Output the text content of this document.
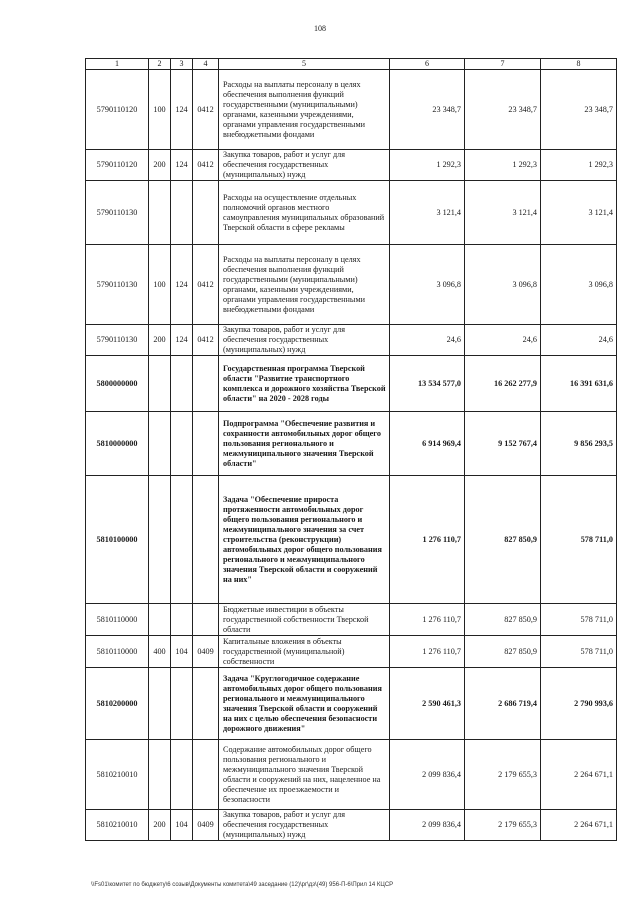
108
1	2	3	4	5	6	7	8
5790110120	100	124	0412	Расходы на выплаты персоналу в целях обеспечения выполнения функций государственными (муниципальными) органами, казенными учреждениями, органами управления государственными внебюджетными фондами	23 348,7	23 348,7	23 348,7
5790110120	200	124	0412	Закупка товаров, работ и услуг для обеспечения государственных (муниципальных) нужд	1 292,3	1 292,3	1 292,3
5790110130				Расходы на осуществление отдельных полномочий органов местного самоуправления муниципальных образований Тверской области в сфере рекламы	3 121,4	3 121,4	3 121,4
5790110130	100	124	0412	Расходы на выплаты персоналу в целях обеспечения выполнения функций государственными (муниципальными) органами, казенными учреждениями, органами управления государственными внебюджетными фондами	3 096,8	3 096,8	3 096,8
5790110130	200	124	0412	Закупка товаров, работ и услуг для обеспечения государственных (муниципальных) нужд	24,6	24,6	24,6
5800000000				Государственная программа Тверской области "Развитие транспортного комплекса и дорожного хозяйства Тверской области" на 2020 - 2028 годы	13 534 577,0	16 262 277,9	16 391 631,6
5810000000				Подпрограмма "Обеспечение развития и сохранности автомобильных дорог общего пользования регионального и межмуниципального значения Тверской области"	6 914 969,4	9 152 767,4	9 856 293,5
5810100000				Задача "Обеспечение прироста протяженности автомобильных дорог общего пользования регионального и межмуниципального значения за счет строительства (реконструкции) автомобильных дорог общего пользования регионального и межмуниципального значения Тверской области и сооружений на них"	1 276 110,7	827 850,9	578 711,0
5810110000				Бюджетные инвестиции в объекты государственной собственности Тверской области	1 276 110,7	827 850,9	578 711,0
5810110000	400	104	0409	Капитальные вложения в объекты государственной (муниципальной) собственности	1 276 110,7	827 850,9	578 711,0
5810200000				Задача "Круглогодичное содержание автомобильных дорог общего пользования регионального и межмуниципального значения Тверской области и сооружений на них с целью обеспечения безопасности дорожного движения"	2 590 461,3	2 686 719,4	2 790 993,6
5810210010				Содержание автомобильных дорог общего пользования регионального и межмуниципального значения Тверской области и сооружений на них, нацеленное на обеспечение их проезжаемости и безопасности	2 099 836,4	2 179 655,3	2 264 671,1
5810210010	200	104	0409	Закупка товаров, работ и услуг для обеспечения государственных (муниципальных) нужд	2 099 836,4	2 179 655,3	2 264 671,1
\\Fs01\комитет по бюджету\6 созыв\Документы комитета\49 заседание (12)\рг\дз\(49) 956-П-6\Прил 14 КЦСР
